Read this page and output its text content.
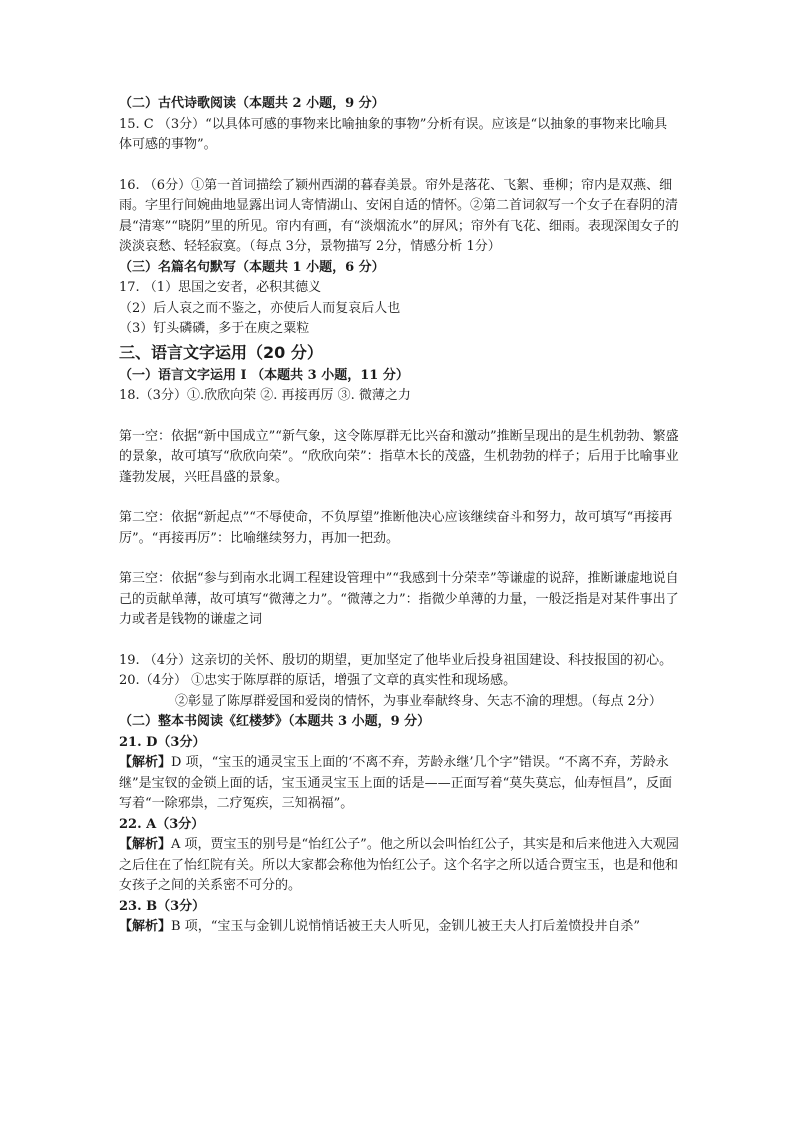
（二）古代诗歌阅读（本题共 2 小题，9 分）

15. C （3分）“以具体可感的事物来比喻抽象的事物”分析有误。应该是“以抽象的事物来比喻具体可感的事物”。

16. （6分）①第一首词描绘了颍州西湖的暮春美景。帘外是落花、飞絮、垂柳；帘内是双燕、细雨。字里行间婉曲地显露出词人寄情湖山、安闲自适的情怀。②第二首词叙写一个女子在春阴的清晨“清寒”“晓阴”里的所见。帘内有画，有“淡烟流水”的屏风；帘外有飞花、细雨。表现深闺女子的淡淡哀愁、轻轻寂寞。（每点 3分，景物描写 2分，情感分析 1分）

（三）名篇名句默写（本题共 1 小题，6 分）

17. （1）思国之安者，必积其德义

（2）后人哀之而不鉴之，亦使后人而复哀后人也

（3）钉头磷磷，多于在庾之粟粒

三、语言文字运用（20 分）

（一）语言文字运用 Ⅰ （本题共 3 小题，11 分）

18.（3分）①.欣欣向荣 ②. 再接再厉 ③. 微薄之力

第一空：依据“新中国成立”“新气象，这令陈厚群无比兴奋和激动”推断呈现出的是生机勃勃、繁盛的景象，故可填写“欣欣向荣”。“欣欣向荣”：指草木长的茂盛，生机勃勃的样子；后用于比喻事业蓬勃发展，兴旺昌盛的景象。

第二空：依据“新起点”“不辱使命，不负厚望”推断他决心应该继续奋斗和努力，故可填写“再接再厉”。“再接再厉”：比喻继续努力，再加一把劲。

第三空：依据“参与到南水北调工程建设管理中”“我感到十分荣幸”等谦虚的说辞，推断谦虚地说自己的贡献单薄，故可填写“微薄之力”。“微薄之力”：指微少单薄的力量，一般泛指是对某件事出了力或者是钱物的谦虚之词

19. （4分）这亲切的关怀、殷切的期望，更加坚定了他毕业后投身祖国建设、科技报国的初心。

20.（4分） ①忠实于陈厚群的原话，增强了文章的真实性和现场感。

②彰显了陈厚群爱国和爱岗的情怀，为事业奉献终身、矢志不渝的理想。（每点 2分）

（二）整本书阅读《红楼梦》（本题共 3 小题，9 分）

21. D（3分）

【解析】D 项，“宝玉的通灵宝玉上面的‘不离不弃，芳龄永继’几个字”错误。“不离不弃，芳龄永继”是宝钗的金锁上面的话，宝玉通灵宝玉上面的话是——正面写着“莫失莫忘，仙寿恒昌”，反面写着“一除邪祟，二疗冤疾，三知祸福”。

22. A（3分）

【解析】A 项，贾宝玉的别号是“怡红公子”。他之所以会叫怡红公子，其实是和后来他进入大观园之后住在了怡红院有关。所以大家都会称他为怡红公子。这个名字之所以适合贾宝玉，也是和他和女孩子之间的关系密不可分的。

23. B（3分）

【解析】B 项，“宝玉与金钏儿说悄悄话被王夫人听见，金钏儿被王夫人打后羞愤投井自杀”
